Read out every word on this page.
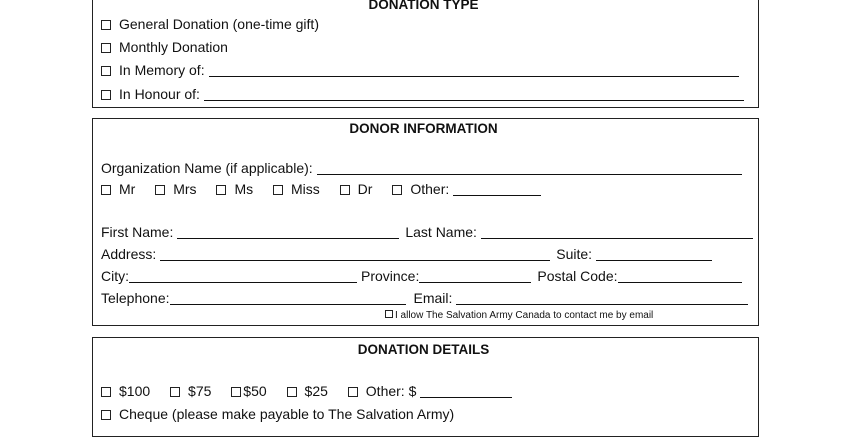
DONATION TYPE
General Donation (one-time gift)
Monthly Donation
In Memory of:
In Honour of:
DONOR INFORMATION
Organization Name (if applicable):
Mr	Mrs	Ms	Miss	Dr	Other:
First Name:	Last Name:
Address:	Suite:
City:	Province:	Postal Code:
Telephone:	Email:
I allow The Salvation Army Canada to contact me by email
DONATION DETAILS
$100	$75 $50	$25	Other: $
Cheque (please make payable to The Salvation Army)
